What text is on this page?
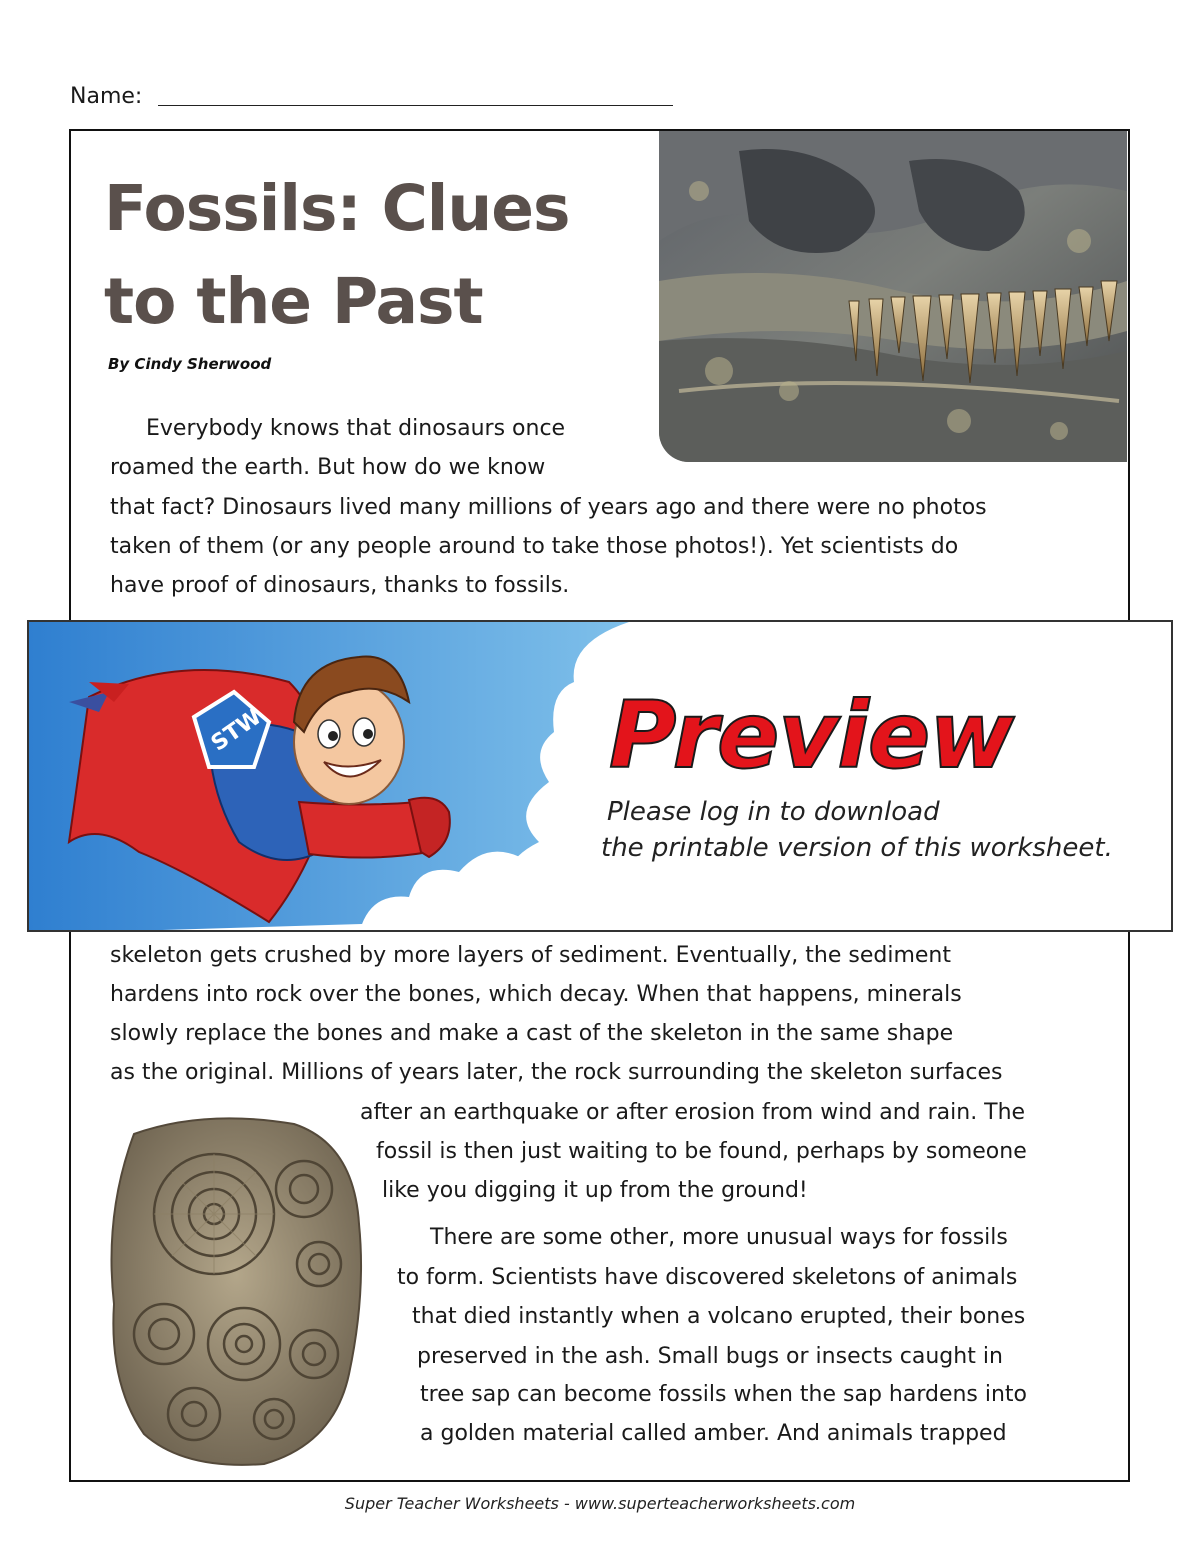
Name:
Fossils: Clues
to the Past
By Cindy Sherwood
Everybody knows that dinosaurs once
roamed the earth. But how do we know
that fact? Dinosaurs lived many millions of years ago and there were no photos
taken of them (or any people around to take those photos!). Yet scientists do
have proof of dinosaurs, thanks to fossils.
STW	Preview
Please log in to download
the printable version of this worksheet.
skeleton gets crushed by more layers of sediment. Eventually, the sediment
hardens into rock over the bones, which decay. When that happens, minerals
slowly replace the bones and make a cast of the skeleton in the same shape
as the original. Millions of years later, the rock surrounding the skeleton surfaces
after an earthquake or after erosion from wind and rain. The
fossil is then just waiting to be found, perhaps by someone
like you digging it up from the ground!
There are some other, more unusual ways for fossils
to form. Scientists have discovered skeletons of animals
that died instantly when a volcano erupted, their bones
preserved in the ash. Small bugs or insects caught in
tree sap can become fossils when the sap hardens into
a golden material called amber. And animals trapped
Super Teacher Worksheets - www.superteacherworksheets.com
